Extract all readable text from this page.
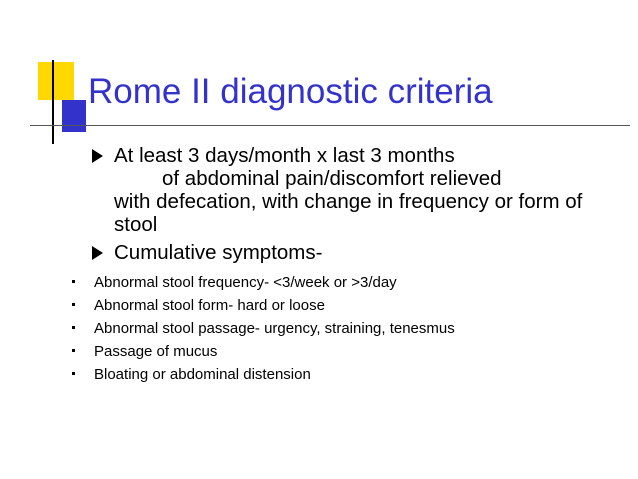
Rome II diagnostic criteria
At least 3 days/month x last 3 months
of abdominal pain/discomfort relieved
with defecation, with change in frequency or form of stool
Cumulative symptoms-
Abnormal stool frequency- <3/week or >3/day
Abnormal stool form- hard or loose
Abnormal stool passage- urgency, straining, tenesmus
Passage of mucus
Bloating or abdominal distension
